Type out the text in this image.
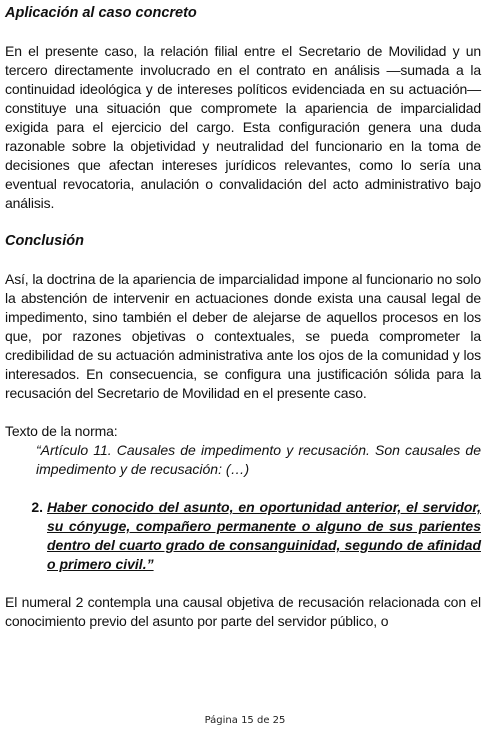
Aplicación al caso concreto

En el presente caso, la relación filial entre el Secretario de Movilidad y un tercero directamente involucrado en el contrato en análisis —sumada a la continuidad ideológica y de intereses políticos evidenciada en su actuación— constituye una situación que compromete la apariencia de imparcialidad exigida para el ejercicio del cargo. Esta configuración genera una duda razonable sobre la objetividad y neutralidad del funcionario en la toma de decisiones que afectan intereses jurídicos relevantes, como lo sería una eventual revocatoria, anulación o convalidación del acto administrativo bajo análisis.

Conclusión

Así, la doctrina de la apariencia de imparcialidad impone al funcionario no solo la abstención de intervenir en actuaciones donde exista una causal legal de impedimento, sino también el deber de alejarse de aquellos procesos en los que, por razones objetivas o contextuales, se pueda comprometer la credibilidad de su actuación administrativa ante los ojos de la comunidad y los interesados. En consecuencia, se configura una justificación sólida para la recusación del Secretario de Movilidad en el presente caso.

Texto de la norma:

“Artículo 11. Causales de impedimento y recusación. Son causales de impedimento y de recusación: (…)

2. Haber conocido del asunto, en oportunidad anterior, el servidor, su cónyuge, compañero permanente o alguno de sus parientes dentro del cuarto grado de consanguinidad, segundo de afinidad o primero civil.”

El numeral 2 contempla una causal objetiva de recusación relacionada con el conocimiento previo del asunto por parte del servidor público, o

Página 15 de 25
